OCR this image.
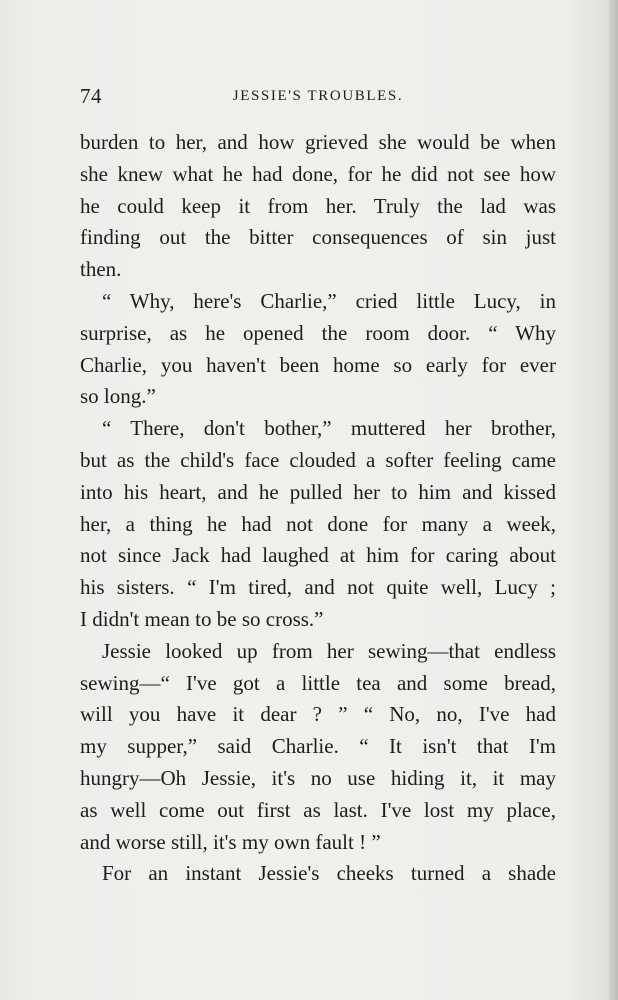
74	JESSIE'S TROUBLES.
burden to her, and how grieved she would be when
she knew what he had done, for he did not see how
he could keep it from her. Truly the lad was
finding out the bitter consequences of sin just
then.
“ Why, here's Charlie,” cried little Lucy, in
surprise, as he opened the room door. “ Why
Charlie, you haven't been home so early for ever
so long.”
“ There, don't bother,” muttered her brother,
but as the child's face clouded a softer feeling came
into his heart, and he pulled her to him and kissed
her, a thing he had not done for many a week,
not since Jack had laughed at him for caring about
his sisters. “ I'm tired, and not quite well, Lucy ;
I didn't mean to be so cross.”
Jessie looked up from her sewing—that endless
sewing—“ I've got a little tea and some bread,
will you have it dear ? ” “ No, no, I've had
my supper,” said Charlie. “ It isn't that I'm
hungry—Oh Jessie, it's no use hiding it, it may
as well come out first as last. I've lost my place,
and worse still, it's my own fault ! ”
For an instant Jessie's cheeks turned a shade
